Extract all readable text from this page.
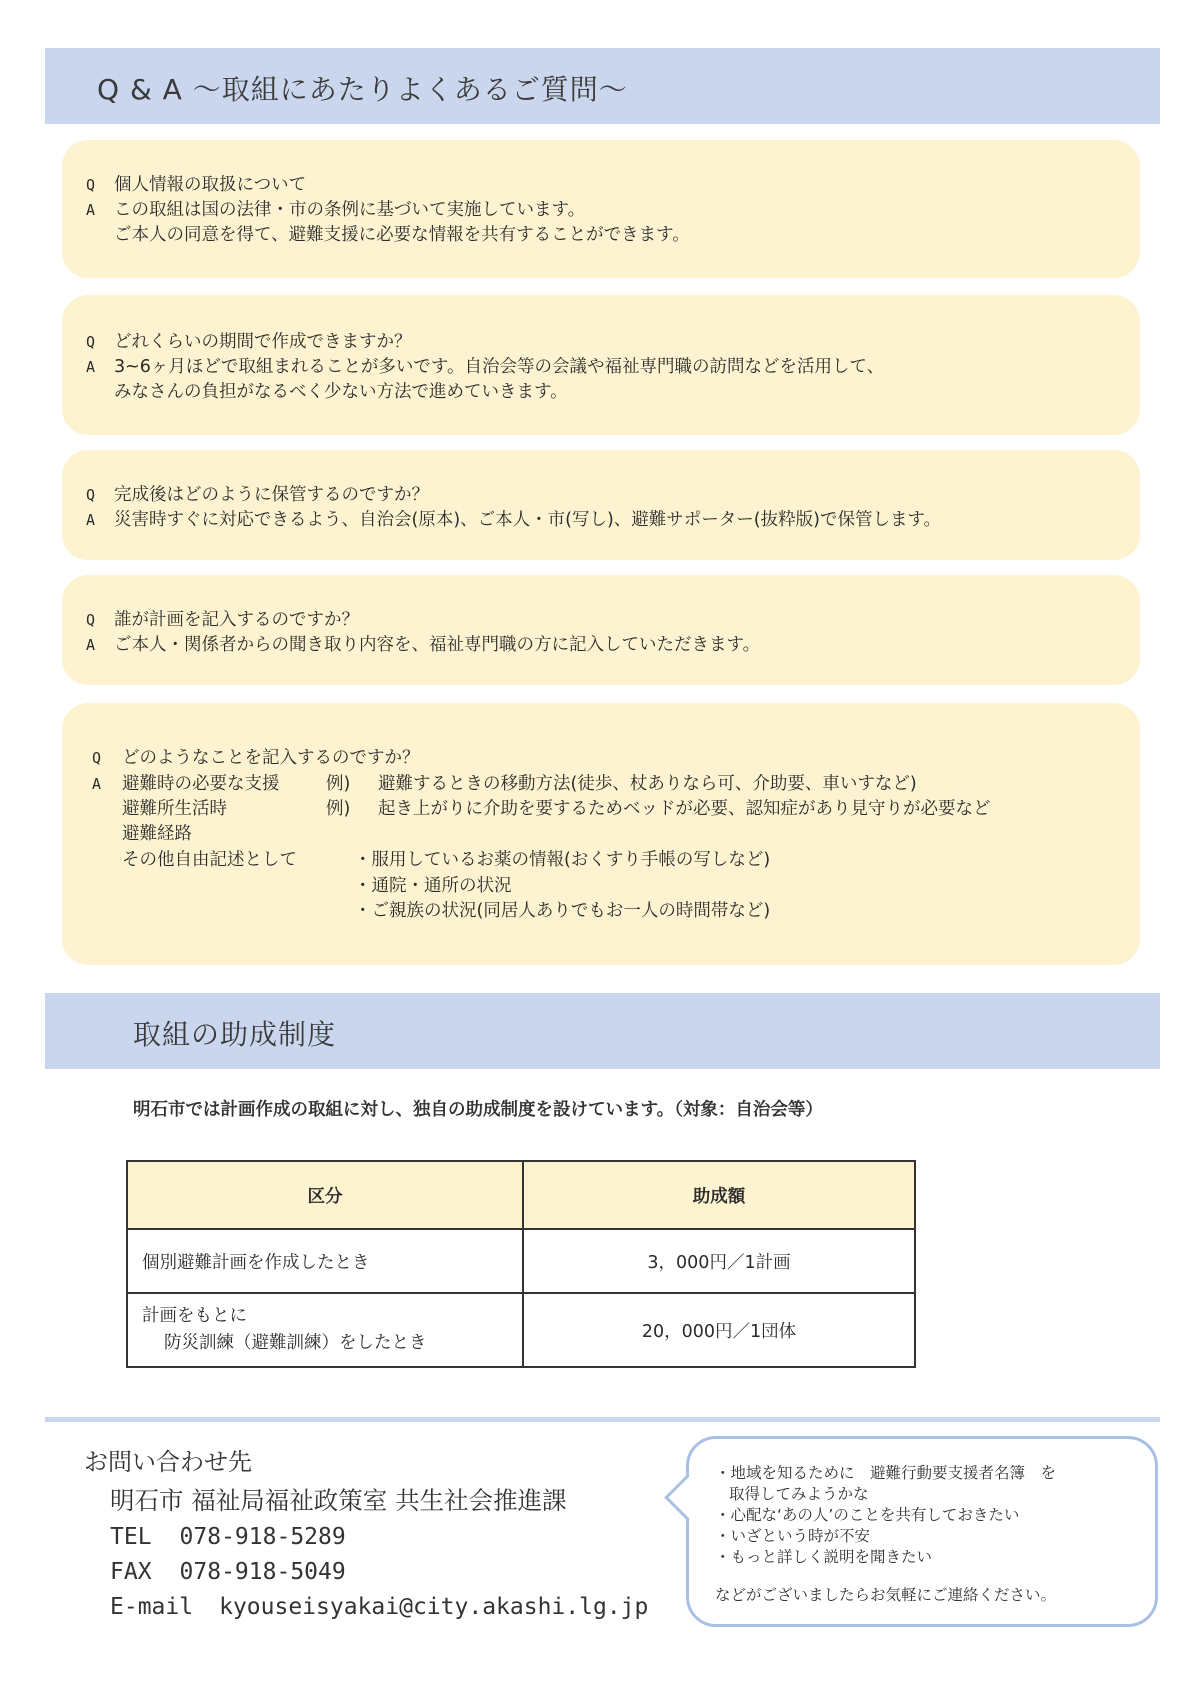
Q & A ～取組にあたりよくあるご質問～
Q 個人情報の取扱について
A この取組は国の法律・市の条例に基づいて実施しています。
ご本人の同意を得て、避難支援に必要な情報を共有することができます。
Q どれくらいの期間で作成できますか？
A 3~6ヶ月ほどで取組まれることが多いです。自治会等の会議や福祉専門職の訪問などを活用して、
みなさんの負担がなるべく少ない方法で進めていきます。
Q 完成後はどのように保管するのですか？
A 災害時すぐに対応できるよう、自治会(原本)、ご本人・市(写し)、避難サポーター(抜粋版)で保管します。
Q 誰が計画を記入するのですか？
A ご本人・関係者からの聞き取り内容を、福祉専門職の方に記入していただきます。
Q どのようなことを記入するのですか？
A 避難時の必要な支援	例) 避難するときの移動方法(徒歩、杖ありなら可、介助要、車いすなど)
避難所生活時	例) 起き上がりに介助を要するためベッドが必要、認知症があり見守りが必要など
避難経路
その他自由記述として	・服用しているお薬の情報(おくすり手帳の写しなど)
・通院・通所の状況
・ご親族の状況(同居人ありでもお一人の時間帯など)
取組の助成制度
明石市では計画作成の取組に対し、独自の助成制度を設けています。（対象：自治会等）
区分	助成額
個別避難計画を作成したとき	3，000円／1計画

計画をもとに
防災訓練（避難訓練）をしたとき	20，000円／1団体
お問い合わせ先
明石市 福祉局福祉政策室 共生社会推進課
TEL 078-918-5289
FAX 078-918-5049
E-mail kyouseisyakai@city.akashi.lg.jp
・地域を知るために　避難行動要支援者名簿　を
取得してみようかな
・心配な‘あの人’のことを共有しておきたい
・いざという時が不安
・もっと詳しく説明を聞きたい
などがございましたらお気軽にご連絡ください。
